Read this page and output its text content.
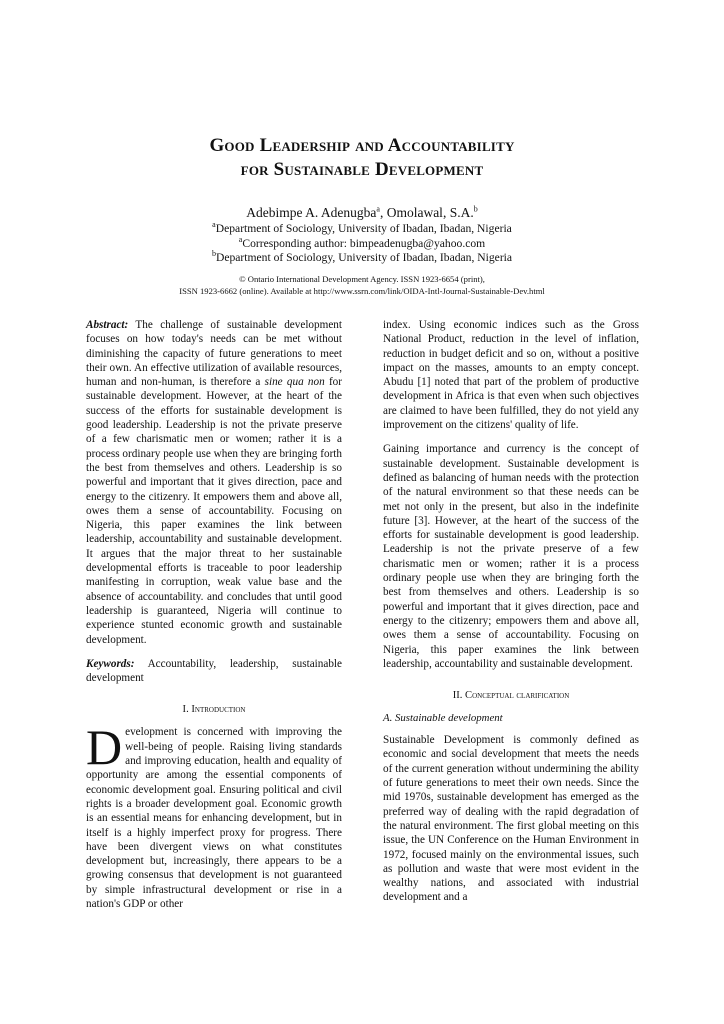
Good Leadership and Accountability
for Sustainable Development
Adebimpe A. Adenugba$^a$, Omolawal, S.A.$^b$
$^a$Department of Sociology, University of Ibadan, Ibadan, Nigeria
$^a$Corresponding author: bimpeadenugba@yahoo.com
$^b$Department of Sociology, University of Ibadan, Ibadan, Nigeria
© Ontario International Development Agency. ISSN 1923-6654 (print),
ISSN 1923-6662 (online). Available at http://www.ssrn.com/link/OIDA-Intl-Journal-Sustainable-Dev.html

Abstract: The challenge of sustainable development focuses on how today's needs can be met without diminishing the capacity of future generations to meet their own. An effective utilization of available resources, human and non-human, is therefore a sine qua non for sustainable development. However, at the heart of the success of the efforts for sustainable development is good leadership. Leadership is not the private preserve of a few charismatic men or women; rather it is a process ordinary people use when they are bringing forth the best from themselves and others. Leadership is so powerful and important that it gives direction, pace and energy to the citizenry. It empowers them and above all, owes them a sense of accountability. Focusing on Nigeria, this paper examines the link between leadership, accountability and sustainable development. It argues that the major threat to her sustainable developmental efforts is traceable to poor leadership manifesting in corruption, weak value base and the absence of accountability. and concludes that until good leadership is guaranteed, Nigeria will continue to experience stunted economic growth and sustainable development.

Keywords: Accountability, leadership, sustainable development

I. Introduction

Development is concerned with improving the well-being of people. Raising living standards and improving education, health and equality of opportunity are among the essential components of economic development goal. Ensuring political and civil rights is a broader development goal. Economic growth is an essential means for enhancing development, but in itself is a highly imperfect proxy for progress. There have been divergent views on what constitutes development but, increasingly, there appears to be a growing consensus that development is not guaranteed by simple infrastructural development or rise in a nation's GDP or other

index. Using economic indices such as the Gross National Product, reduction in the level of inflation, reduction in budget deficit and so on, without a positive impact on the masses, amounts to an empty concept. Abudu [1] noted that part of the problem of productive development in Africa is that even when such objectives are claimed to have been fulfilled, they do not yield any improvement on the citizens' quality of life.

Gaining importance and currency is the concept of sustainable development. Sustainable development is defined as balancing of human needs with the protection of the natural environment so that these needs can be met not only in the present, but also in the indefinite future [3]. However, at the heart of the success of the efforts for sustainable development is good leadership. Leadership is not the private preserve of a few charismatic men or women; rather it is a process ordinary people use when they are bringing forth the best from themselves and others. Leadership is so powerful and important that it gives direction, pace and energy to the citizenry; empowers them and above all, owes them a sense of accountability. Focusing on Nigeria, this paper examines the link between leadership, accountability and sustainable development.

II. Conceptual clarification

A. Sustainable development

Sustainable Development is commonly defined as economic and social development that meets the needs of the current generation without undermining the ability of future generations to meet their own needs. Since the mid 1970s, sustainable development has emerged as the preferred way of dealing with the rapid degradation of the natural environment. The first global meeting on this issue, the UN Conference on the Human Environment in 1972, focused mainly on the environmental issues, such as pollution and waste that were most evident in the wealthy nations, and associated with industrial development and a
